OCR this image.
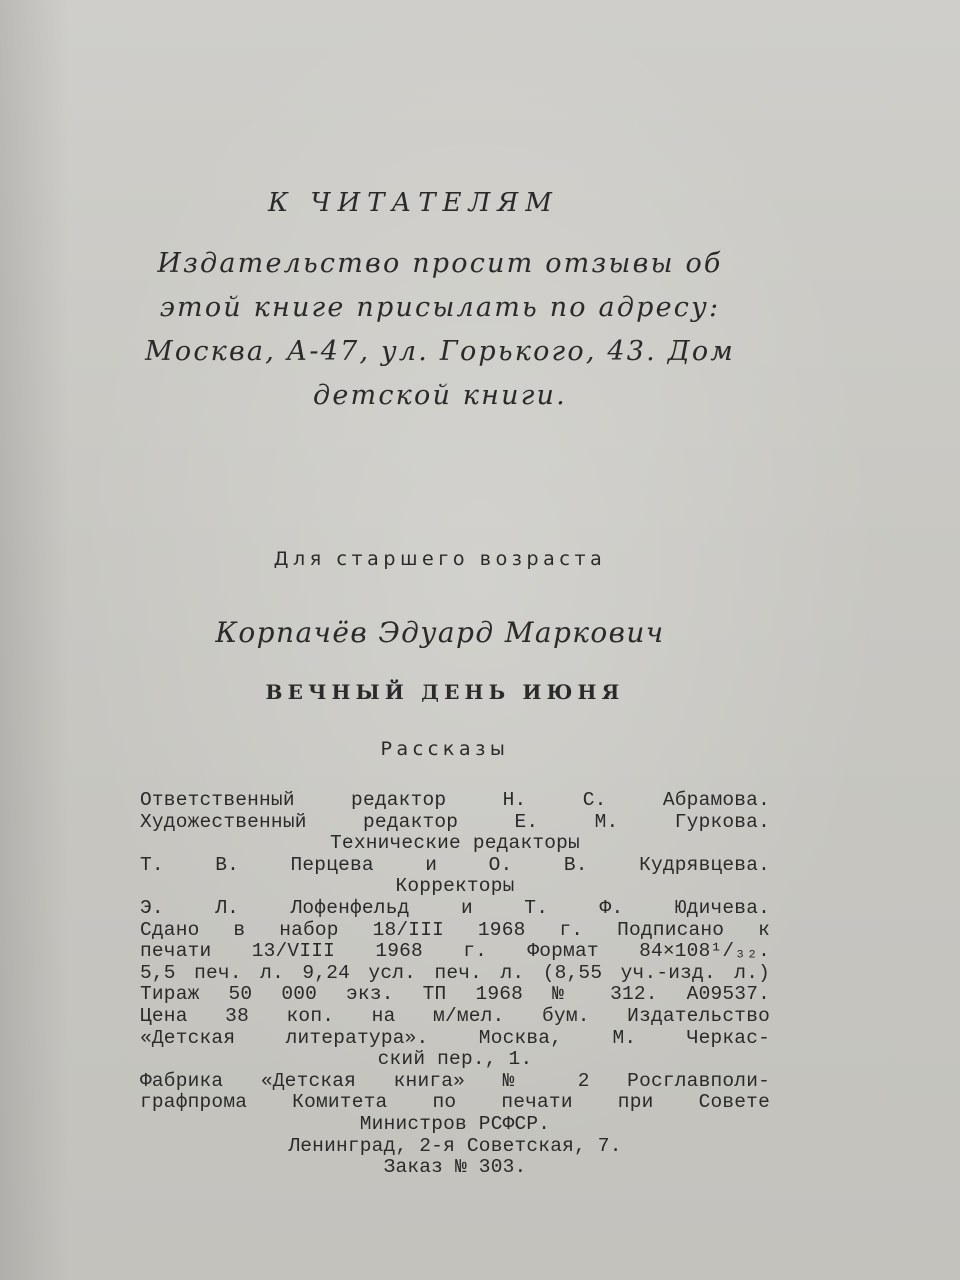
К ЧИТАТЕЛЯМ
Издательство просит отзывы об
этой книге присылать по адресу:
Москва, А-47, ул. Горького, 43. Дом
детской книги.
Для старшего возраста
Корпачёв Эдуард Маркович
ВЕЧНЫЙ ДЕНЬ ИЮНЯ
Рассказы
Ответственный редактор Н. С. Абрамова.
Художественный редактор Е. М. Гуркова.
Технические редакторы
Т. В. Перцева и О. В. Кудрявцева.
Корректоры
Э. Л. Лофенфельд и Т. Ф. Юдичева.
Сдано в набор 18/III 1968 г. Подписано к
печати 13/VIII 1968 г. Формат 84×108¹/₃₂.
5,5 печ. л. 9,24 усл. печ. л. (8,55 уч.-изд. л.)
Тираж 50 000 экз. ТП 1968 № 312. А09537.
Цена 38 коп. на м/мел. бум. Издательство
«Детская литература». Москва, М. Черкас-
ский пер., 1.
Фабрика «Детская книга» № 2 Росглавполи-
графпрома Комитета по печати при Совете
Министров РСФСР.
Ленинград, 2-я Советская, 7.
Заказ № 303.
